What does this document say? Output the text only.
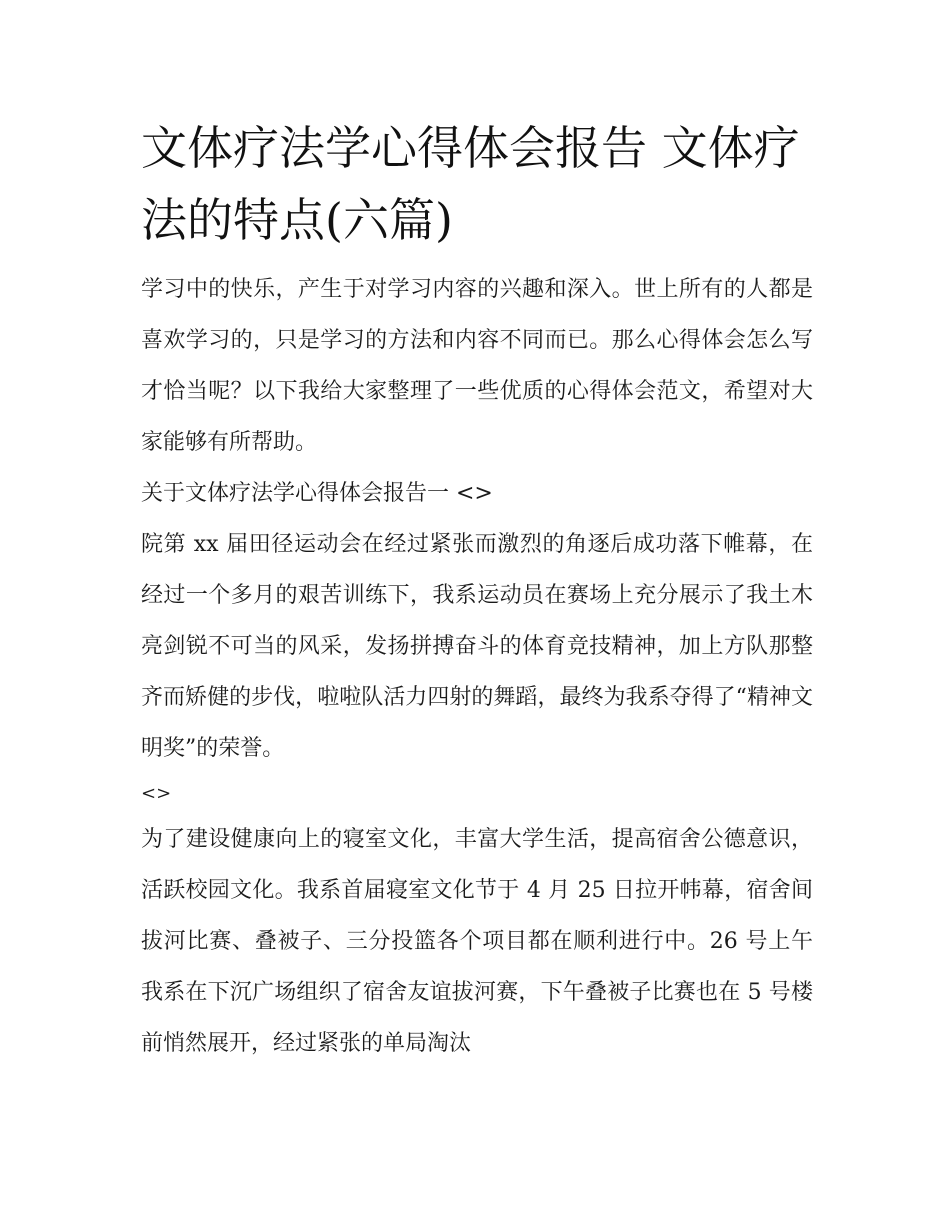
文体疗法学心得体会报告 文体疗法的特点(六篇)

学习中的快乐，产生于对学习内容的兴趣和深入。世上所有的人都是喜欢学习的，只是学习的方法和内容不同而已。那么心得体会怎么写才恰当呢？以下我给大家整理了一些优质的心得体会范文，希望对大家能够有所帮助。

关于文体疗法学心得体会报告一 <>

院第 xx 届田径运动会在经过紧张而激烈的角逐后成功落下帷幕，在经过一个多月的艰苦训练下，我系运动员在赛场上充分展示了我土木亮剑锐不可当的风采，发扬拼搏奋斗的体育竞技精神，加上方队那整齐而矫健的步伐，啦啦队活力四射的舞蹈，最终为我系夺得了“精神文明奖”的荣誉。

<>

为了建设健康向上的寝室文化，丰富大学生活，提高宿舍公德意识，活跃校园文化。我系首届寝室文化节于 4 月 25 日拉开帏幕，宿舍间拔河比赛、叠被子、三分投篮各个项目都在顺利进行中。26 号上午我系在下沉广场组织了宿舍友谊拔河赛，下午叠被子比赛也在 5 号楼前悄然展开，经过紧张的单局淘汰
